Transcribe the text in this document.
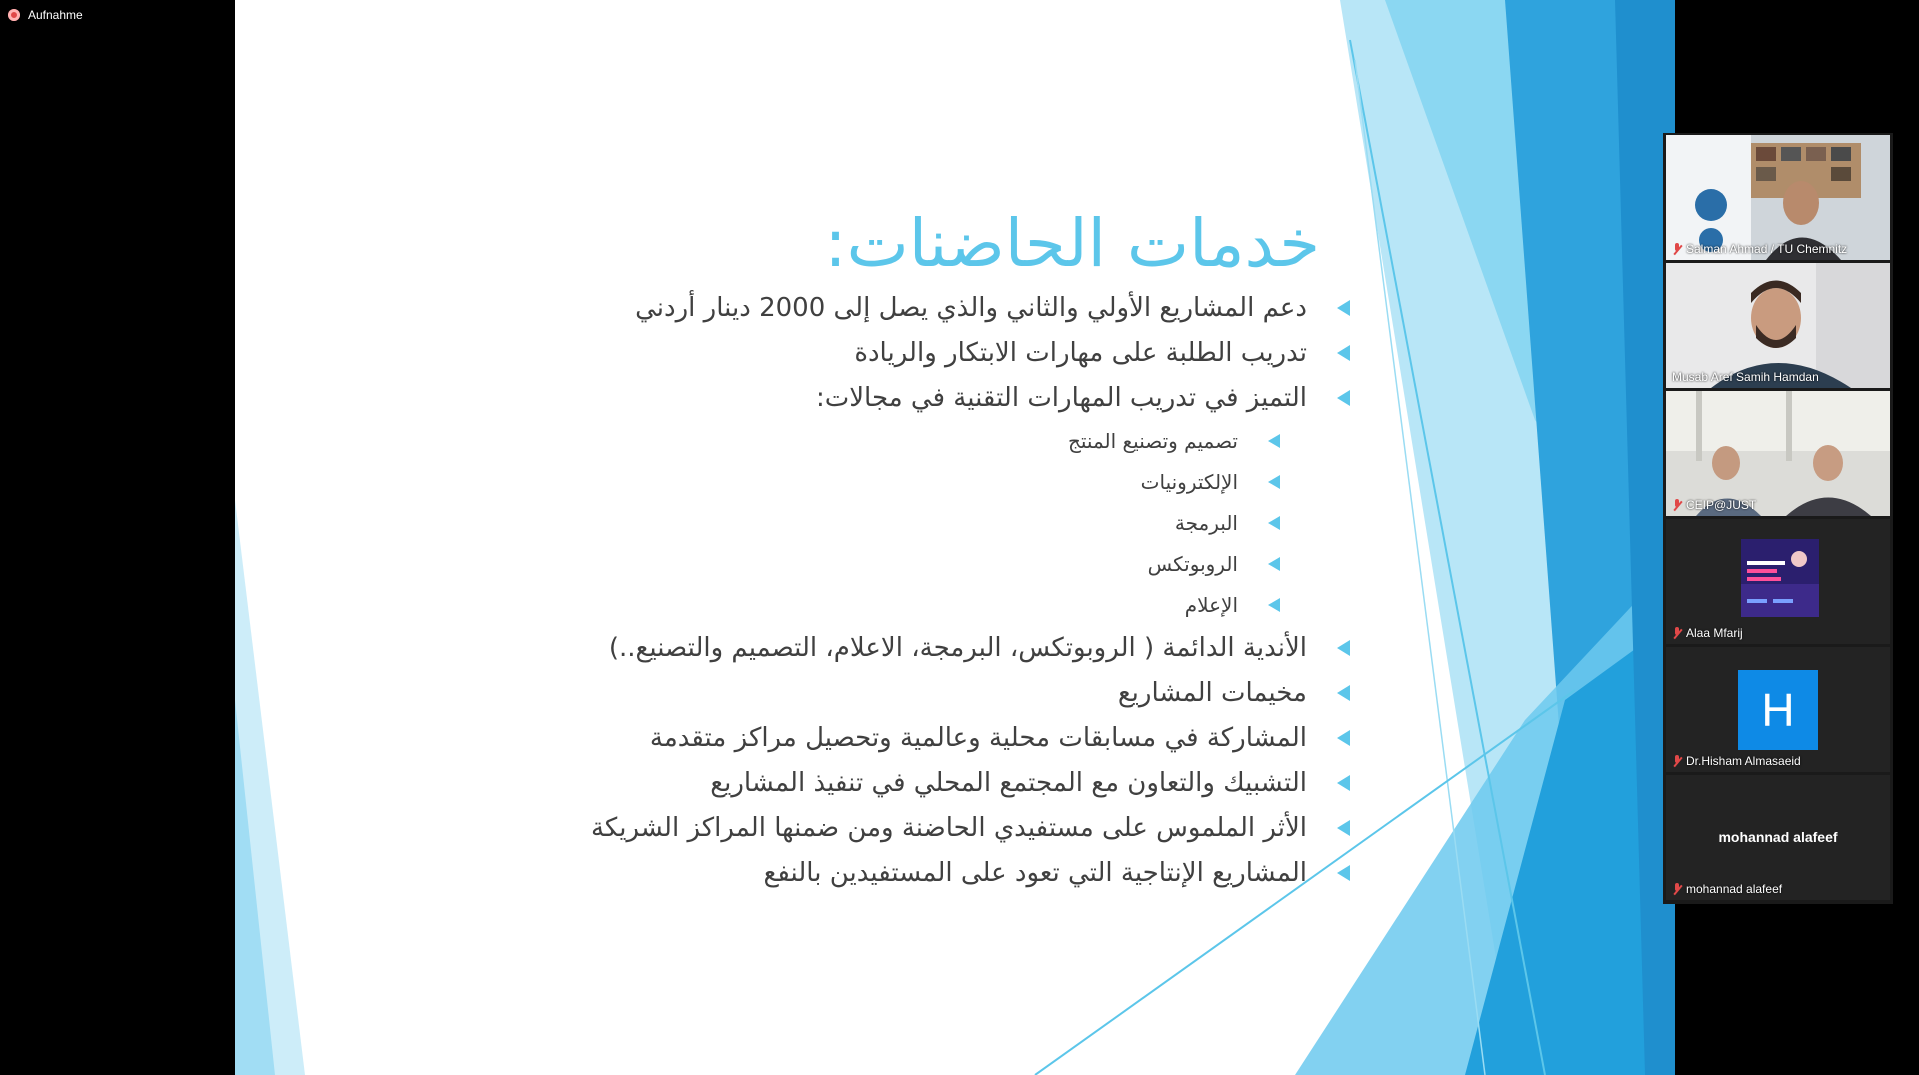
Aufnahme
خدمات الحاضنات:
دعم المشاريع الأولي والثاني والذي يصل إلى 2000 دينار أردني
تدريب الطلبة على مهارات الابتكار والريادة
التميز في تدريب المهارات التقنية في مجالات:
تصميم وتصنيع المنتج
الإلكترونيات
البرمجة
الروبوتكس
الإعلام
الأندية الدائمة ( الروبوتكس، البرمجة، الاعلام، التصميم والتصنيع..)
مخيمات المشاريع
المشاركة في مسابقات محلية وعالمية وتحصيل مراكز متقدمة
التشبيك والتعاون مع المجتمع المحلي في تنفيذ المشاريع
الأثر الملموس على مستفيدي الحاضنة ومن ضمنها المراكز الشريكة
المشاريع الإنتاجية التي تعود على المستفيدين بالنفع
Salman Ahmad / TU Chemnitz
Musab Aref Samih Hamdan
CEIP@JUST
Alaa Mfarij
H
Dr.Hisham Almasaeid
mohannad alafeef
mohannad alafeef
